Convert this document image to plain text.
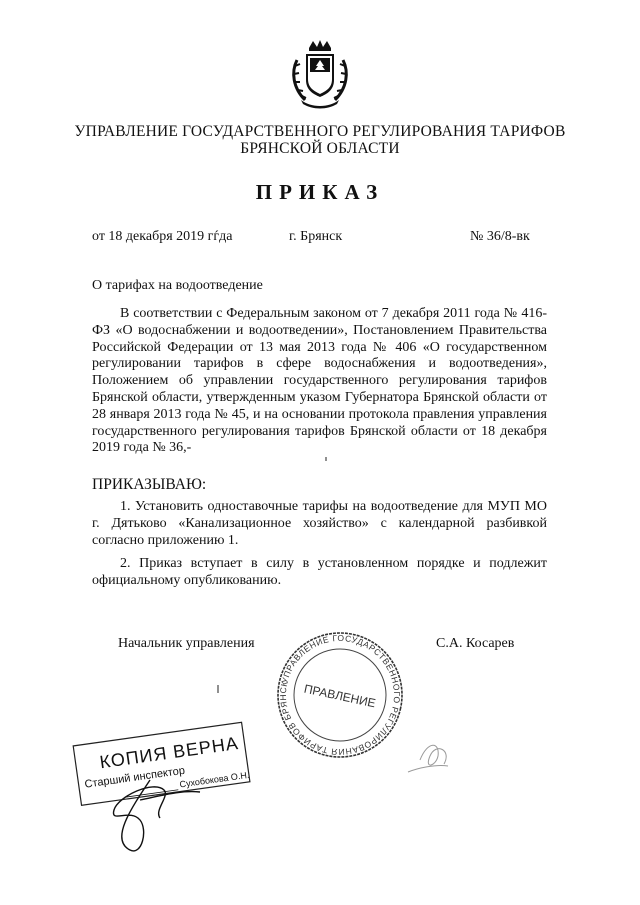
УПРАВЛЕНИЕ ГОСУДАРСТВЕННОГО РЕГУЛИРОВАНИЯ ТАРИФОВ
БРЯНСКОЙ ОБЛАСТИ
ПРИКАЗ
от 18 декабря 2019 гѓда	г. Брянск	№ 36/8-вк
О тарифах на водоотведение
В соответствии с Федеральным законом от 7 декабря 2011 года № 416-ФЗ «О водоснабжении и водоотведении», Постановлением Правительства Российской Федерации от 13 мая 2013 года № 406 «О государственном регулировании тарифов в сфере водоснабжения и водоотведения», Положением об управлении государственного регулирования тарифов Брянской области, утвержденным указом Губернатора Брянской области от 28 января 2013 года № 45, и на основании протокола правления управления государственного регулирования тарифов Брянской области от 18 декабря 2019 года № 36,-
ПРИКАЗЫВАЮ:
1. Установить одноставочные тарифы на водоотведение для МУП МО г. Дятьково «Канализационное хозяйство» с календарной разбивкой согласно приложению 1.
2. Приказ вступает в силу в установленном порядке и подлежит официальному опубликованию.
Начальник управления	С.А. Косарев
УПРАВЛЕНИЕ ГОСУДАРСТВЕННОГО РЕГУЛИРОВАНИЯ ТАРИФОВ БРЯНСКОЙ
ПРАВЛЕНИЕ
КОПИЯ ВЕРНА
Старший инспектор
Сухобокова О.Н.
